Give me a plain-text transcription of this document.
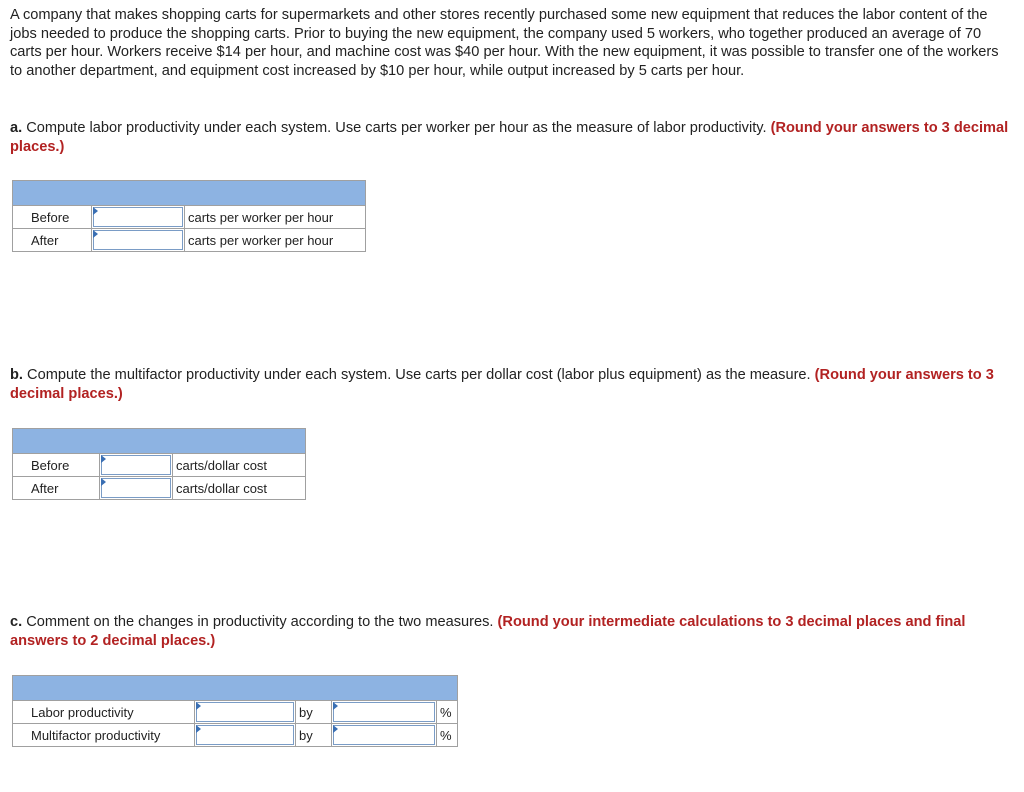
A company that makes shopping carts for supermarkets and other stores recently purchased some new equipment that reduces the labor content of the jobs needed to produce the shopping carts. Prior to buying the new equipment, the company used 5 workers, who together produced an average of 70 carts per hour. Workers receive $14 per hour, and machine cost was $40 per hour. With the new equipment, it was possible to transfer one of the workers to another department, and equipment cost increased by $10 per hour, while output increased by 5 carts per hour.
a. Compute labor productivity under each system. Use carts per worker per hour as the measure of labor productivity. (Round your answers to 3 decimal places.)

Before		carts per worker per hour
After		carts per worker per hour
b. Compute the multifactor productivity under each system. Use carts per dollar cost (labor plus equipment) as the measure. (Round your answers to 3 decimal places.)

Before		carts/dollar cost
After		carts/dollar cost
c. Comment on the changes in productivity according to the two measures. (Round your intermediate calculations to 3 decimal places and final answers to 2 decimal places.)

Labor productivity		by		%
Multifactor productivity		by		%
